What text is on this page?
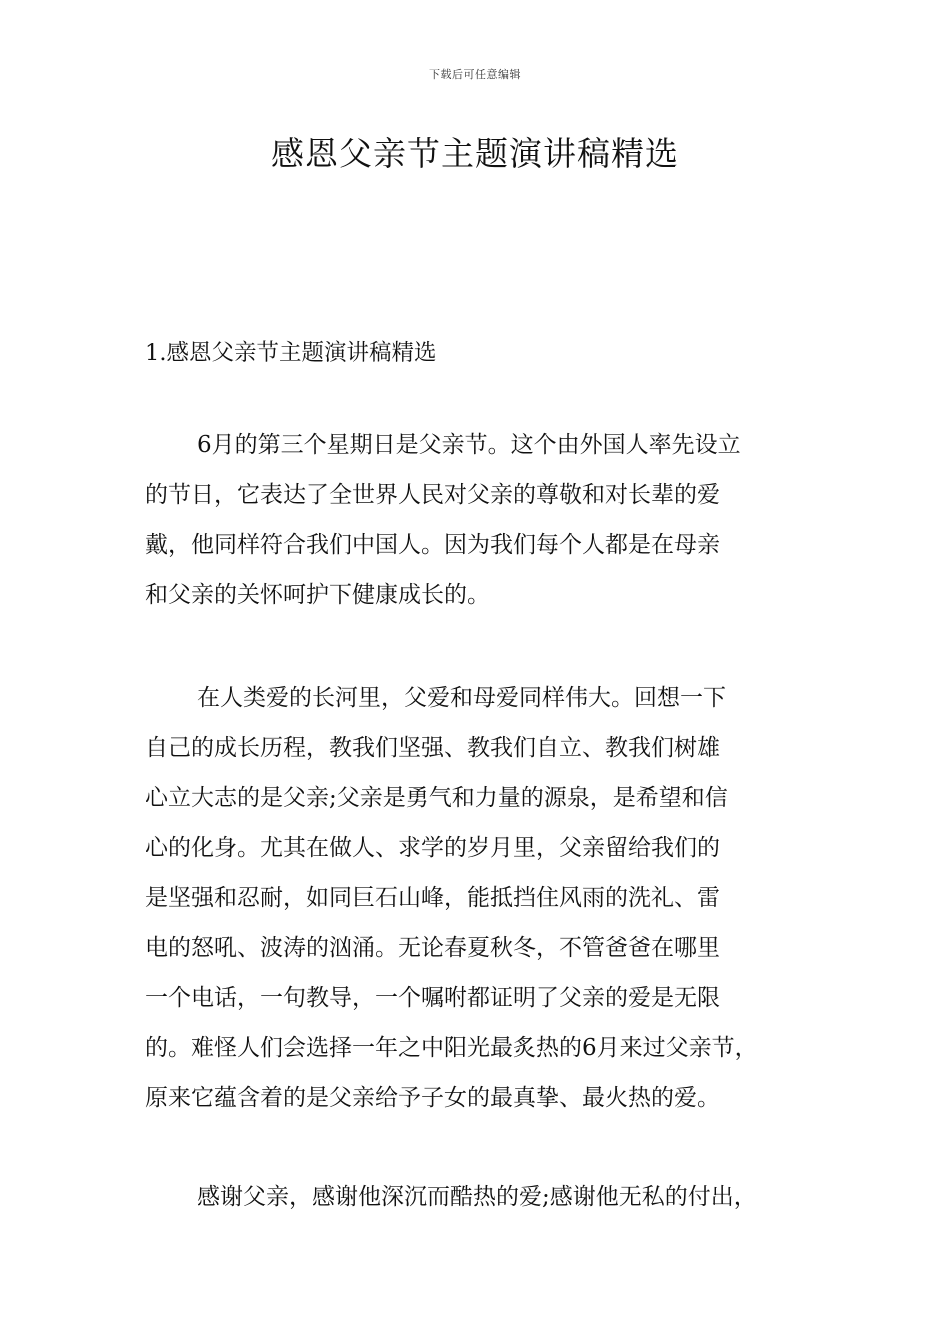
下载后可任意编辑
感恩父亲节主题演讲稿精选
1.感恩父亲节主题演讲稿精选

6月的第三个星期日是父亲节。这个由外国人率先设立
的节日，它表达了全世界人民对父亲的尊敬和对长辈的爱
戴，他同样符合我们中国人。因为我们每个人都是在母亲
和父亲的关怀呵护下健康成长的。

在人类爱的长河里，父爱和母爱同样伟大。回想一下
自己的成长历程，教我们坚强、教我们自立、教我们树雄
心立大志的是父亲;父亲是勇气和力量的源泉，是希望和信
心的化身。尤其在做人、求学的岁月里，父亲留给我们的
是坚强和忍耐，如同巨石山峰，能抵挡住风雨的洗礼、雷
电的怒吼、波涛的汹涌。无论春夏秋冬，不管爸爸在哪里
一个电话，一句教导，一个嘱咐都证明了父亲的爱是无限
的。难怪人们会选择一年之中阳光最炙热的6月来过父亲节，
原来它蕴含着的是父亲给予子女的最真挚、最火热的爱。

感谢父亲，感谢他深沉而酷热的爱;感谢他无私的付出，
